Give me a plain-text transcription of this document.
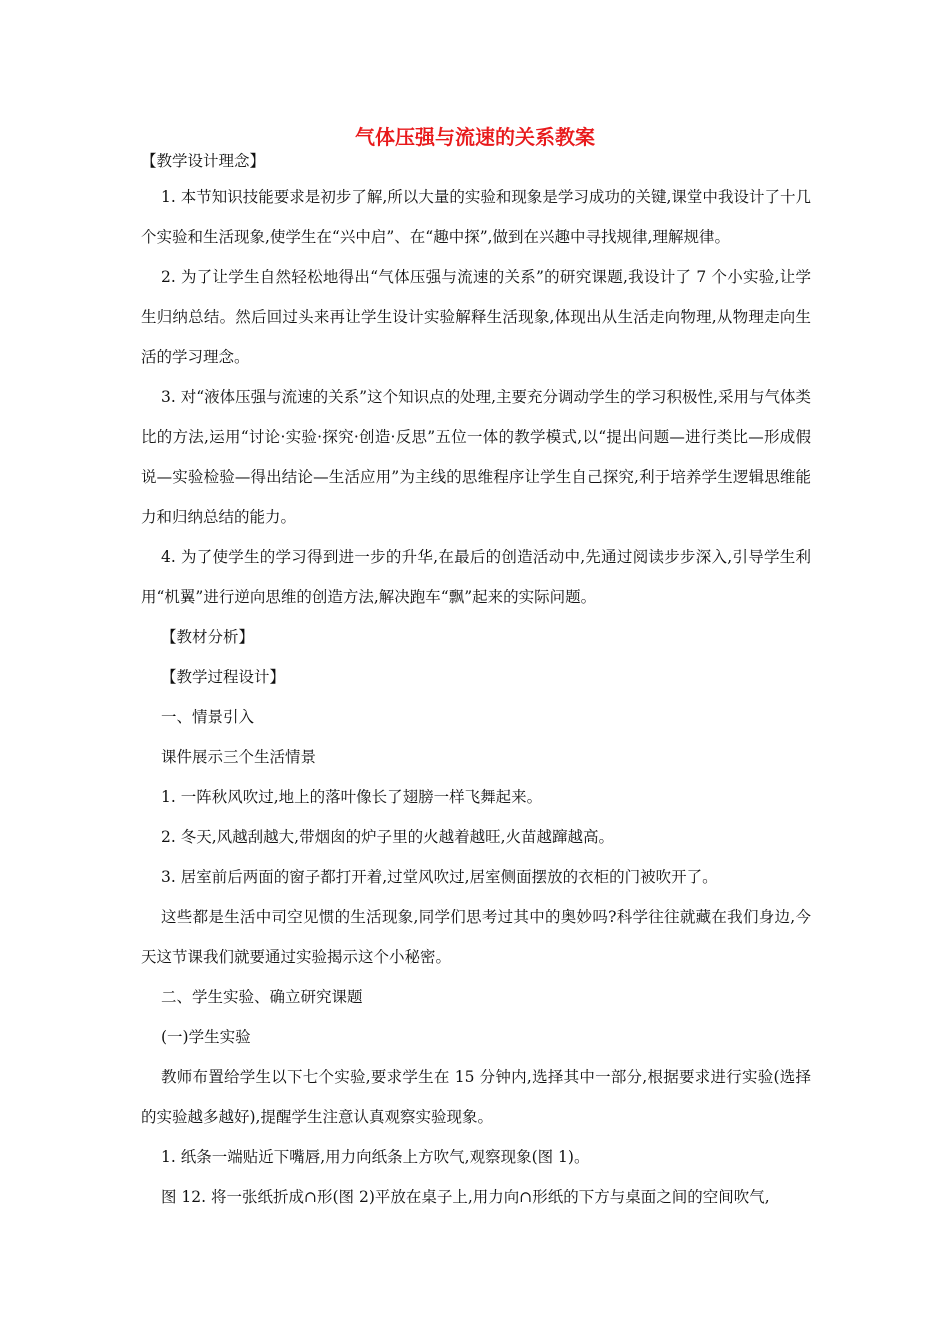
气体压强与流速的关系教案
【教学设计理念】
1. 本节知识技能要求是初步了解,所以大量的实验和现象是学习成功的关键,课堂中我设计了十几个实验和生活现象,使学生在“兴中启”、在“趣中探”,做到在兴趣中寻找规律,理解规律。
2. 为了让学生自然轻松地得出“气体压强与流速的关系”的研究课题,我设计了 7 个小实验,让学生归纳总结。然后回过头来再让学生设计实验解释生活现象,体现出从生活走向物理,从物理走向生活的学习理念。
3. 对“液体压强与流速的关系”这个知识点的处理,主要充分调动学生的学习积极性,采用与气体类比的方法,运用“讨论·实验·探究·创造·反思”五位一体的教学模式,以“提出问题—进行类比—形成假说—实验检验—得出结论—生活应用”为主线的思维程序让学生自己探究,利于培养学生逻辑思维能力和归纳总结的能力。
4. 为了使学生的学习得到进一步的升华,在最后的创造活动中,先通过阅读步步深入,引导学生利用“机翼”进行逆向思维的创造方法,解决跑车“飘”起来的实际问题。
【教材分析】
【教学过程设计】
一、情景引入
课件展示三个生活情景
1. 一阵秋风吹过,地上的落叶像长了翅膀一样飞舞起来。
2. 冬天,风越刮越大,带烟囱的炉子里的火越着越旺,火苗越蹿越高。
3. 居室前后两面的窗子都打开着,过堂风吹过,居室侧面摆放的衣柜的门被吹开了。
这些都是生活中司空见惯的生活现象,同学们思考过其中的奥妙吗?科学往往就藏在我们身边,今天这节课我们就要通过实验揭示这个小秘密。
二、学生实验、确立研究课题
(一)学生实验
教师布置给学生以下七个实验,要求学生在 15 分钟内,选择其中一部分,根据要求进行实验(选择的实验越多越好),提醒学生注意认真观察实验现象。
1. 纸条一端贴近下嘴唇,用力向纸条上方吹气,观察现象(图 1)。
图 12. 将一张纸折成∩形(图 2)平放在桌子上,用力向∩形纸的下方与桌面之间的空间吹气,
